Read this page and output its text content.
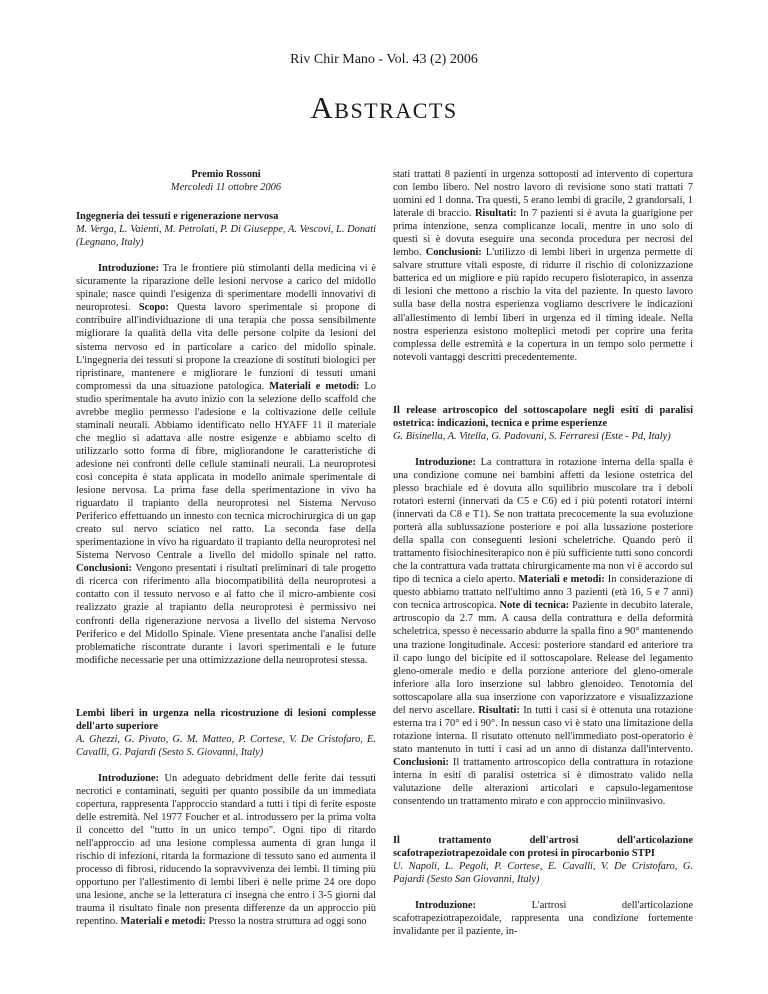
Riv Chir Mano - Vol. 43 (2) 2006
Abstracts

Premio Rossoni

Mercoledì 11 ottobre 2006

Ingegneria dei tessuti e rigenerazione nervosa

M. Verga, L. Vaienti, M. Petrolati, P. Di Giuseppe, A. Vescovi, L. Donati (Legnano, Italy)

Introduzione: Tra le frontiere più stimolanti della medicina vi è sicuramente la riparazione delle lesioni nervose a carico del midollo spinale; nasce quindi l'esigenza di sperimentare modelli innovativi di neuroprotesi. Scopo: Questa lavoro sperimentale si propone di contribuire all'individuazione di una terapia che possa sensibilmente migliorare la qualità della vita delle persone colpite da lesioni del sistema nervoso ed in particolare a carico del midollo spinale. L'ingegneria dei tessuti si propone la creazione di sostituti biologici per ripristinare, mantenere e migliorare le funzioni di tessuti umani compromessi da una situazione patologica. Materiali e metodi: Lo studio sperimentale ha avuto inizio con la selezione dello scaffold che avrebbe meglio permesso l'adesione e la coltivazione delle cellule staminali neurali. Abbiamo identificato nello HYAFF 11 il materiale che meglio si adattava alle nostre esigenze e abbiamo scelto di utilizzarlo sotto forma di fibre, migliorandone le caratteristiche di adesione nei confronti delle cellule staminali neurali. La neuroprotesi così concepita è stata applicata in modello animale sperimentale di lesione nervosa. La prima fase della sperimentazione in vivo ha riguardato il trapianto della neuroprotesi nel Sistema Nervoso Periferico effettuando un innesto con tecnica microchirurgica di un gap creato sul nervo sciatico nel ratto. La seconda fase della sperimentazione in vivo ha riguardato il trapianto della neuroprotesi nel Sistema Nervoso Centrale a livello del midollo spinale nel ratto. Conclusioni: Vengono presentati i risultati preliminari di tale progetto di ricerca con riferimento alla biocompatibilità della neuroprotesi a contatto con il tessuto nervoso e al fatto che il micro-ambiente così realizzato grazie al trapianto della neuroprotesi è permissivo nei confronti della rigenerazione nervosa a livello del sistema Nervoso Periferico e del Midollo Spinale. Viene presentata anche l'analisi delle problematiche riscontrate durante i lavori sperimentali e le future modifiche necessarie per una ottimizzazione della neuroprotesi stessa.

Lembi liberi in urgenza nella ricostruzione di lesioni complesse dell'arto superiore

A. Ghezzi, G. Pivato, G. M. Matteo, P. Cortese, V. De Cristofaro, E. Cavalli, G. Pajardi (Sesto S. Giovanni, Italy)

Introduzione: Un adeguato debridment delle ferite dai tessuti necrotici e contaminati, seguiti per quanto possibile da un immediata copertura, rappresenta l'approccio standard a tutti i tipi di ferite esposte delle estremità. Nel 1977 Foucher et al. introdussero per la prima volta il concetto del "tutto in un unico tempo". Ogni tipo di ritardo nell'approccio ad una lesione complessa aumenta di gran lunga il rischio di infezioni, ritarda la formazione di tessuto sano ed aumenta il processo di fibrosi, riducendo la sopravvivenza dei lembi. Il timing più opportuno per l'allestimento di lembi liberi è nelle prime 24 ore dopo una lesione, anche se la letteratura ci insegna che entro i 3-5 giorni dal trauma il risultato finale non presenta differenze da un approccio più repentino. Materiali e metodi: Presso la nostra struttura ad oggi sono

stati trattati 8 pazienti in urgenza sottoposti ad intervento di copertura con lembo libero. Nel nostro lavoro di revisione sono stati trattati 7 uomini ed 1 donna. Tra questi, 5 erano lembi di gracile, 2 grandorsali, 1 laterale di braccio. Risultati: In 7 pazienti si è avuta la guarigione per prima intenzione, senza complicanze locali, mentre in uno solo di questi si è dovuta eseguire una seconda procedura per necrosi del lembo. Conclusioni: L'utilizzo di lembi liberi in urgenza permette di salvare strutture vitali esposte, di ridurre il rischio di colonizzazione batterica ed un migliore e più rapido recupero fisioterapico, in assenza di lesioni che mettono a rischio la vita del paziente. In questo lavoro sulla base della nostra esperienza vogliamo descrivere le indicazioni all'allestimento di lembi liberi in urgenza ed il timing ideale. Nella nostra esperienza esistono molteplici metodi per coprire una ferita complessa delle estremità e la copertura in un tempo solo permette i notevoli vantaggi descritti precedentemente.

Il release artroscopico del sottoscapolare negli esiti di paralisi ostetrica: indicazioni, tecnica e prime esperienze

G. Bisinella, A. Vitella, G. Padovani, S. Ferraresi (Este - Pd, Italy)

Introduzione: La contrattura in rotazione interna della spalla è una condizione comune nei bambini affetti da lesione ostetrica del plesso brachiale ed è dovuta allo squilibrio muscolare tra i deboli rotatori esterni (innervati da C5 e C6) ed i più potenti rotatori interni (innervati da C8 e T1). Se non trattata precocemente la sua evoluzione porterà alla sublussazione posteriore e poi alla lussazione posteriore della spalla con conseguenti lesioni scheletriche. Quando però il trattamento fisiochinesiterapico non è più sufficiente tutti sono concordi che la contrattura vada trattata chirurgicamente ma non vi è accordo sul tipo di tecnica a cielo aperto. Materiali e metodi: In considerazione di questo abbiamo trattato nell'ultimo anno 3 pazienti (età 16, 5 e 7 anni) con tecnica artroscopica. Note di tecnica: Paziente in decubito laterale, artroscopio da 2.7 mm. A causa della contrattura e della deformità scheletrica, spesso è necessario abdurre la spalla fino a 90° mantenendo una trazione longitudinale. Accesi: posteriore standard ed anteriore tra il capo lungo del bicipite ed il sottoscapolare. Release del legamento gleno-omerale medio e della porzione anteriore del gleno-omerale inferiore alla loro inserzione sul labbro glenoideo. Tenotomia del sottoscapolare alla sua inserzione con vaporizzatore e visualizzazione del nervo ascellare. Risultati: In tutti i casi si è ottenuta una rotazione esterna tra i 70° ed i 90°. In nessun caso vi è stato una limitazione della rotazione interna. Il risutato ottenuto nell'immediato post-operatorio è stato mantenuto in tutti i casi ad un anno di distanza dall'intervento. Conclusioni: Il trattamento artroscopico della contrattura in rotazione interna in esiti di paralisi ostetrica si è dimostrato valido nella valutazione delle alterazioni articolari e capsulo-legamentose consentendo un trattamento mirato e con approccio miniinvasivo.

Il trattamento dell'artrosi dell'articolazione scafotrapeziotrapezoidale con protesi in pirocarbonio STPI

U. Napoli, L. Pegoli, P. Cortese, E. Cavalli, V. De Cristofaro, G. Pajardi (Sesto San Giovanni, Italy)

Introduzione: L'artrosi dell'articolazione scafotrapeziotrapezoidale, rappresenta una condizione fortemente invalidante per il paziente, in-
